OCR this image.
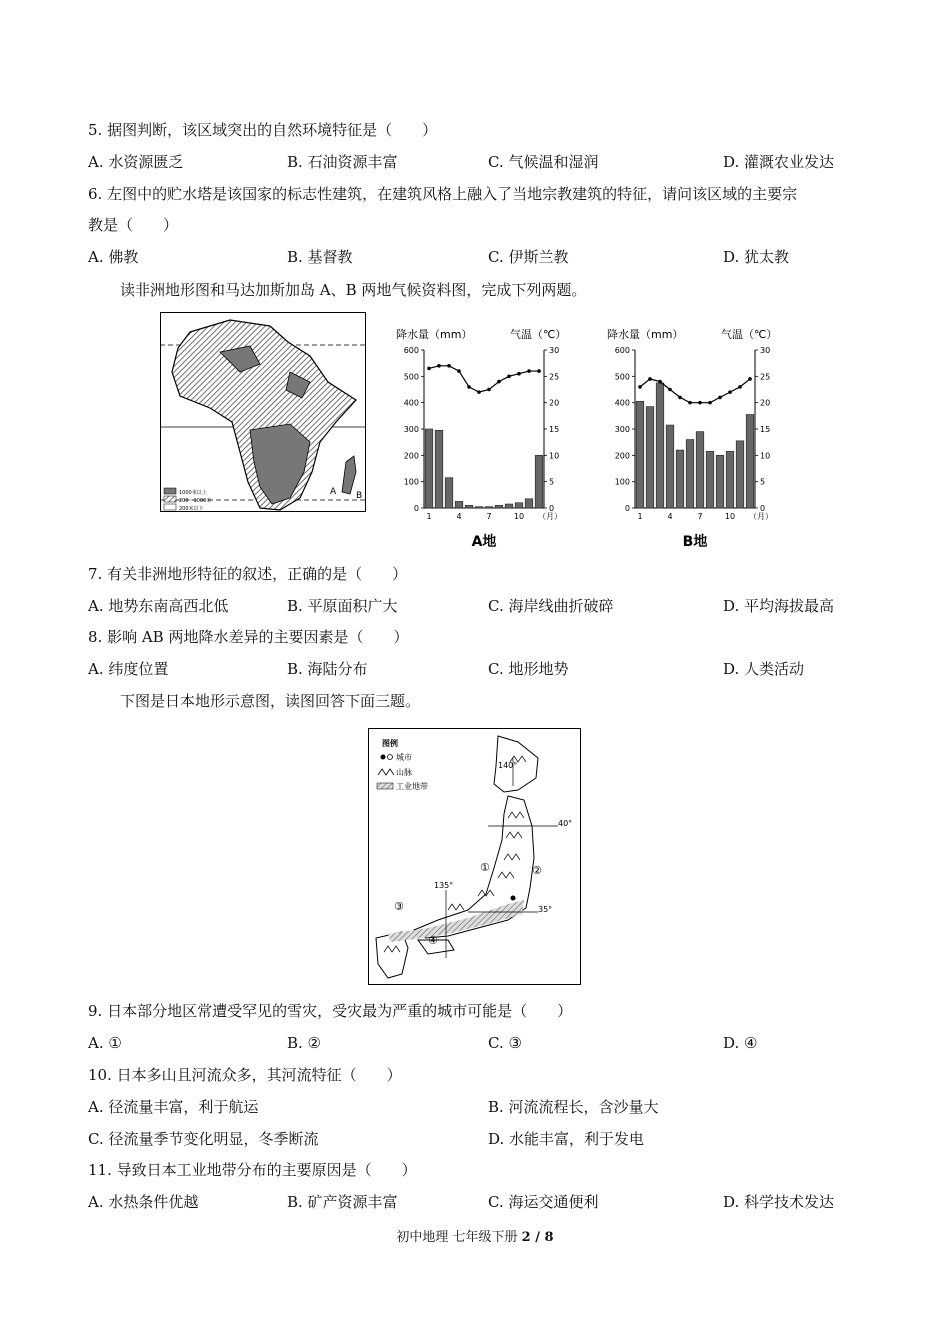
5. 据图判断，该区域突出的自然环境特征是（　　）
A. 水资源匮乏	B. 石油资源丰富	C. 气候温和湿润	D. 灌溉农业发达
6. 左图中的贮水塔是该国家的标志性建筑，在建筑风格上融入了当地宗教建筑的特征，请问该区域的主要宗
教是（　　）
A. 佛教	B. 基督教	C. 伊斯兰教	D. 犹太教
读非洲地形图和马达加斯加岛 A、B 两地气候资料图，完成下列两题。
A B
1000米以上
200～1000米
200米以下
降水量（mm）	气温（℃）
600
500
400
300
200
100
0
30
25
20
15
10
5
0
1	4	7	10 （月）
A地
降水量（mm）	气温（℃）
600
500
400
300
200
100
0
30
25
20
15
10
5
0
1	4	7	10 （月）
B地
7. 有关非洲地形特征的叙述，正确的是（　　）
A. 地势东南高西北低	B. 平原面积广大	C. 海岸线曲折破碎	D. 平均海拔最高
8. 影响 AB 两地降水差异的主要因素是（　　）
A. 纬度位置	B. 海陆分布	C. 地形地势	D. 人类活动
下图是日本地形示意图，读图回答下面三题。
图例
城市
山脉
工业地带
140°
40°
135°
35°
①	②
③
④
9. 日本部分地区常遭受罕见的雪灾，受灾最为严重的城市可能是（　　）
A. ①	B. ②	C. ③	D. ④
10. 日本多山且河流众多，其河流特征（　　）
A. 径流量丰富，利于航运	B. 河流流程长，含沙量大
C. 径流量季节变化明显，冬季断流	D. 水能丰富，利于发电
11. 导致日本工业地带分布的主要原因是（　　）
A. 水热条件优越	B. 矿产资源丰富	C. 海运交通便利	D. 科学技术发达
初中地理 七年级下册 2 / 8
